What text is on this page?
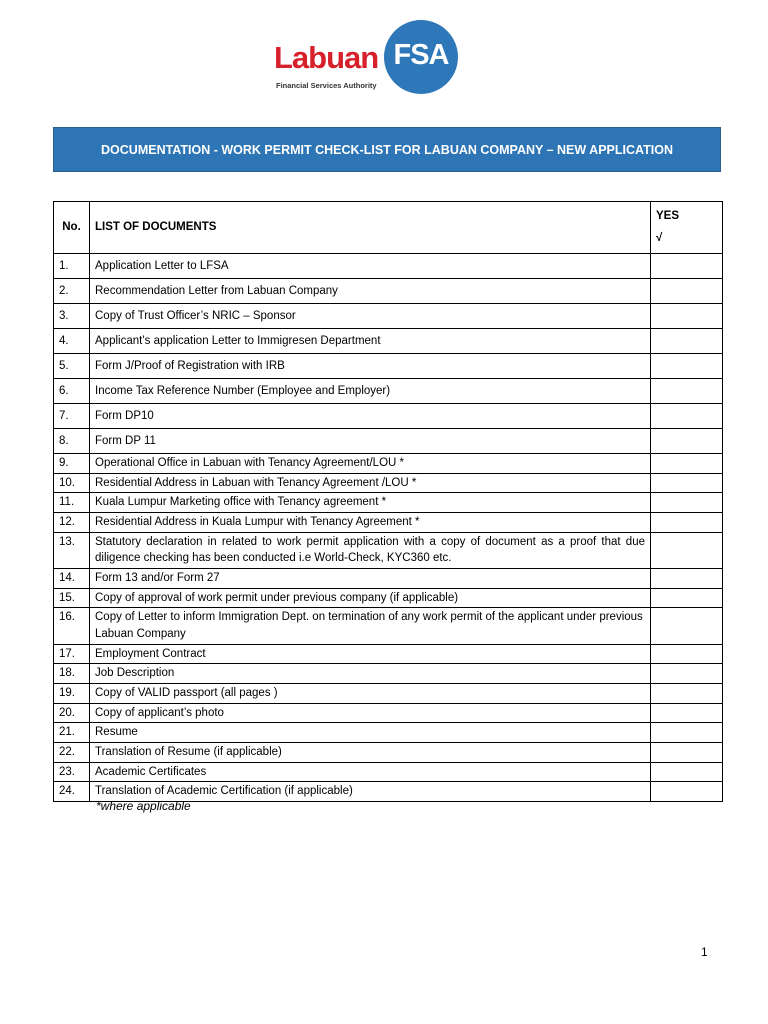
Labuan FSA
Financial Services Authority
DOCUMENTATION - WORK PERMIT CHECK-LIST FOR LABUAN COMPANY – NEW APPLICATION
No.	LIST OF DOCUMENTS	YES
√
1.	Application Letter to LFSA	
2.	Recommendation Letter from Labuan Company	
3.	Copy of Trust Officer’s NRIC – Sponsor	
4.	Applicant’s application Letter to Immigresen Department	
5.	Form J/Proof of Registration with IRB	
6.	Income Tax Reference Number (Employee and Employer)	
7.	Form DP10	
8.	Form DP 11	
9.	Operational Office in Labuan with Tenancy Agreement/LOU *	
10.	Residential Address in Labuan with Tenancy Agreement /LOU *	
11.	Kuala Lumpur Marketing office with Tenancy agreement *	
12.	Residential Address in Kuala Lumpur with Tenancy Agreement *	
13.	Statutory declaration in related to work permit application with a copy of document as a proof that due diligence checking has been conducted i.e World-Check, KYC360 etc.	
14.	Form 13 and/or Form 27	
15.	Copy of approval of work permit under previous company (if applicable)	
16.	Copy of Letter to inform Immigration Dept. on termination of any work permit of the applicant under previous Labuan Company	
17.	Employment Contract	
18.	Job Description	
19.	Copy of VALID passport (all pages )	
20.	Copy of applicant’s photo	
21.	Resume	
22.	Translation of Resume (if applicable)	
23.	Academic Certificates	
24.	Translation of Academic Certification (if applicable)	
*where applicable
1
